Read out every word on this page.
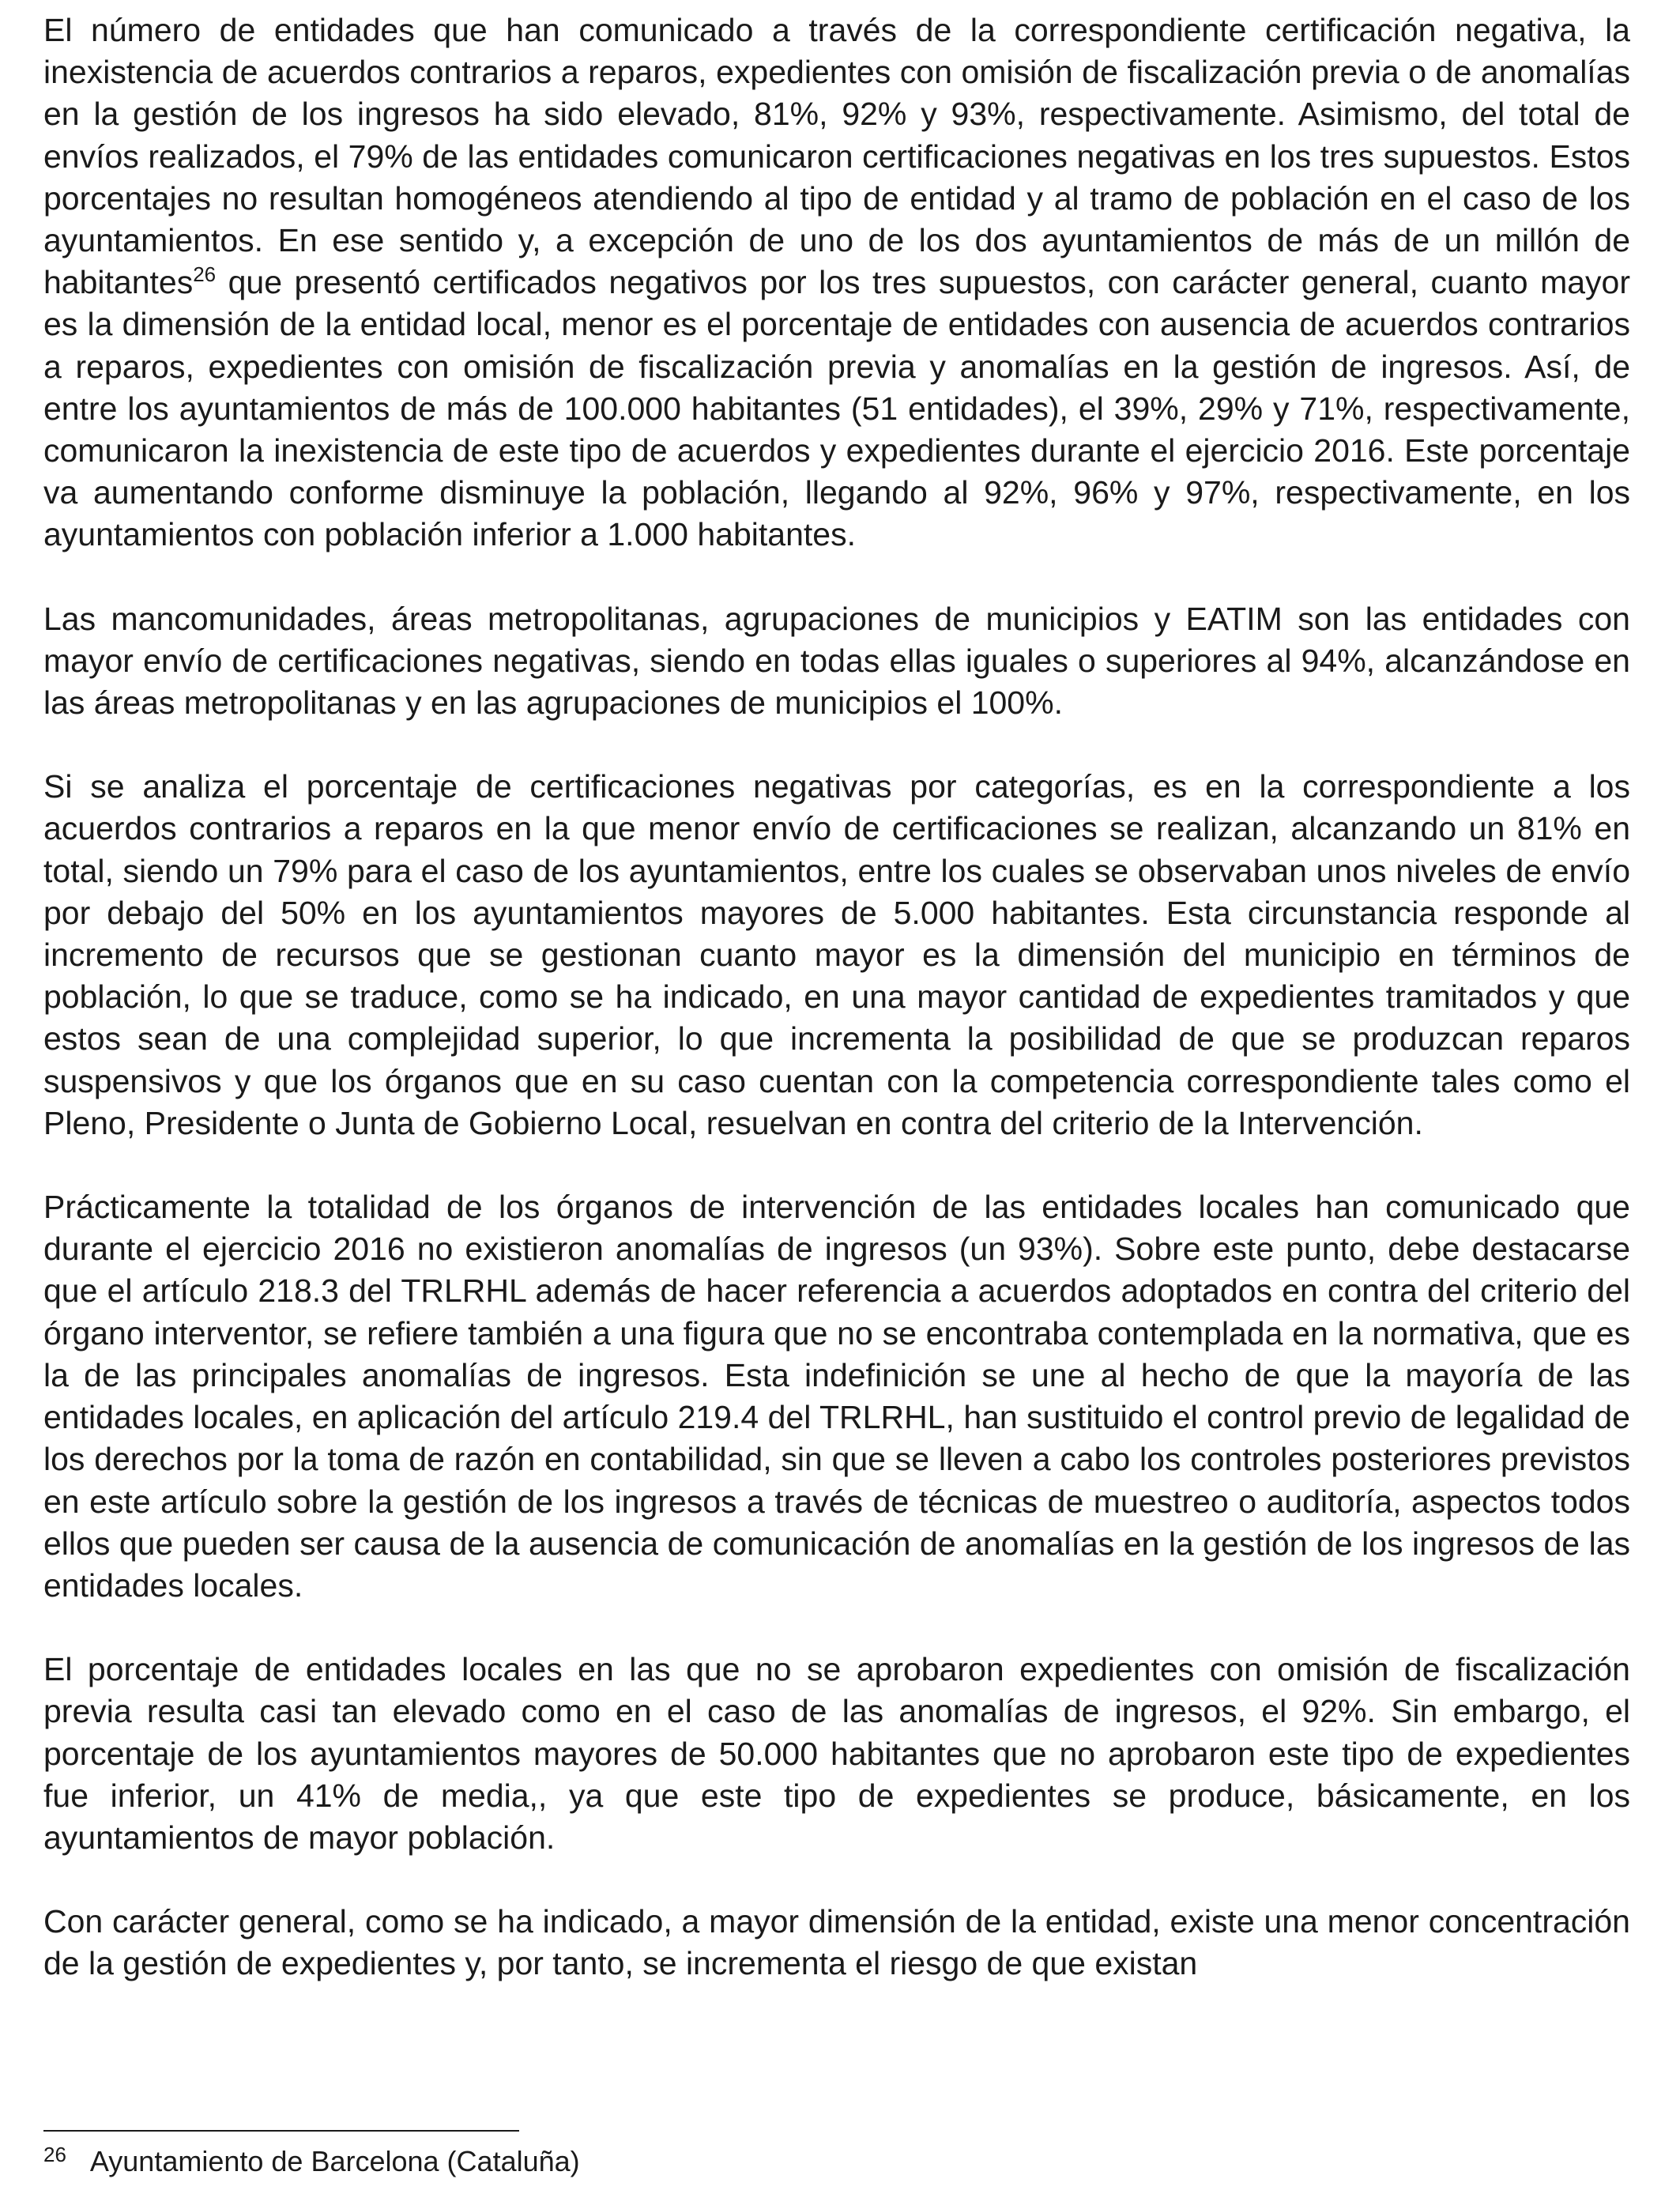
El número de entidades que han comunicado a través de la correspondiente certificación negativa, la inexistencia de acuerdos contrarios a reparos, expedientes con omisión de fiscalización previa o de anomalías en la gestión de los ingresos ha sido elevado, 81%, 92% y 93%, respectivamente. Asimismo, del total de envíos realizados, el 79% de las entidades comunicaron certificaciones negativas en los tres supuestos. Estos porcentajes no resultan homogéneos atendiendo al tipo de entidad y al tramo de población en el caso de los ayuntamientos. En ese sentido y, a excepción de uno de los dos ayuntamientos de más de un millón de habitantes$^{26}$ que presentó certificados negativos por los tres supuestos, con carácter general, cuanto mayor es la dimensión de la entidad local, menor es el porcentaje de entidades con ausencia de acuerdos contrarios a reparos, expedientes con omisión de fiscalización previa y anomalías en la gestión de ingresos. Así, de entre los ayuntamientos de más de 100.000 habitantes (51 entidades), el 39%, 29% y 71%, respectivamente, comunicaron la inexistencia de este tipo de acuerdos y expedientes durante el ejercicio 2016. Este porcentaje va aumentando conforme disminuye la población, llegando al 92%, 96% y 97%, respectivamente, en los ayuntamientos con población inferior a 1.000 habitantes.

Las mancomunidades, áreas metropolitanas, agrupaciones de municipios y EATIM son las entidades con mayor envío de certificaciones negativas, siendo en todas ellas iguales o superiores al 94%, alcanzándose en las áreas metropolitanas y en las agrupaciones de municipios el 100%.

Si se analiza el porcentaje de certificaciones negativas por categorías, es en la correspondiente a los acuerdos contrarios a reparos en la que menor envío de certificaciones se realizan, alcanzando un 81% en total, siendo un 79% para el caso de los ayuntamientos, entre los cuales se observaban unos niveles de envío por debajo del 50% en los ayuntamientos mayores de 5.000 habitantes. Esta circunstancia responde al incremento de recursos que se gestionan cuanto mayor es la dimensión del municipio en términos de población, lo que se traduce, como se ha indicado, en una mayor cantidad de expedientes tramitados y que estos sean de una complejidad superior, lo que incrementa la posibilidad de que se produzcan reparos suspensivos y que los órganos que en su caso cuentan con la competencia correspondiente tales como el Pleno, Presidente o Junta de Gobierno Local, resuelvan en contra del criterio de la Intervención.

Prácticamente la totalidad de los órganos de intervención de las entidades locales han comunicado que durante el ejercicio 2016 no existieron anomalías de ingresos (un 93%). Sobre este punto, debe destacarse que el artículo 218.3 del TRLRHL además de hacer referencia a acuerdos adoptados en contra del criterio del órgano interventor, se refiere también a una figura que no se encontraba contemplada en la normativa, que es la de las principales anomalías de ingresos. Esta indefinición se une al hecho de que la mayoría de las entidades locales, en aplicación del artículo 219.4 del TRLRHL, han sustituido el control previo de legalidad de los derechos por la toma de razón en contabilidad, sin que se lleven a cabo los controles posteriores previstos en este artículo sobre la gestión de los ingresos a través de técnicas de muestreo o auditoría, aspectos todos ellos que pueden ser causa de la ausencia de comunicación de anomalías en la gestión de los ingresos de las entidades locales.

El porcentaje de entidades locales en las que no se aprobaron expedientes con omisión de fiscalización previa resulta casi tan elevado como en el caso de las anomalías de ingresos, el 92%. Sin embargo, el porcentaje de los ayuntamientos mayores de 50.000 habitantes que no aprobaron este tipo de expedientes fue inferior, un 41% de media,, ya que este tipo de expedientes se produce, básicamente, en los ayuntamientos de mayor población.

Con carácter general, como se ha indicado, a mayor dimensión de la entidad, existe una menor concentración de la gestión de expedientes y, por tanto, se incrementa el riesgo de que existan

$^{26}$ Ayuntamiento de Barcelona (Cataluña)
